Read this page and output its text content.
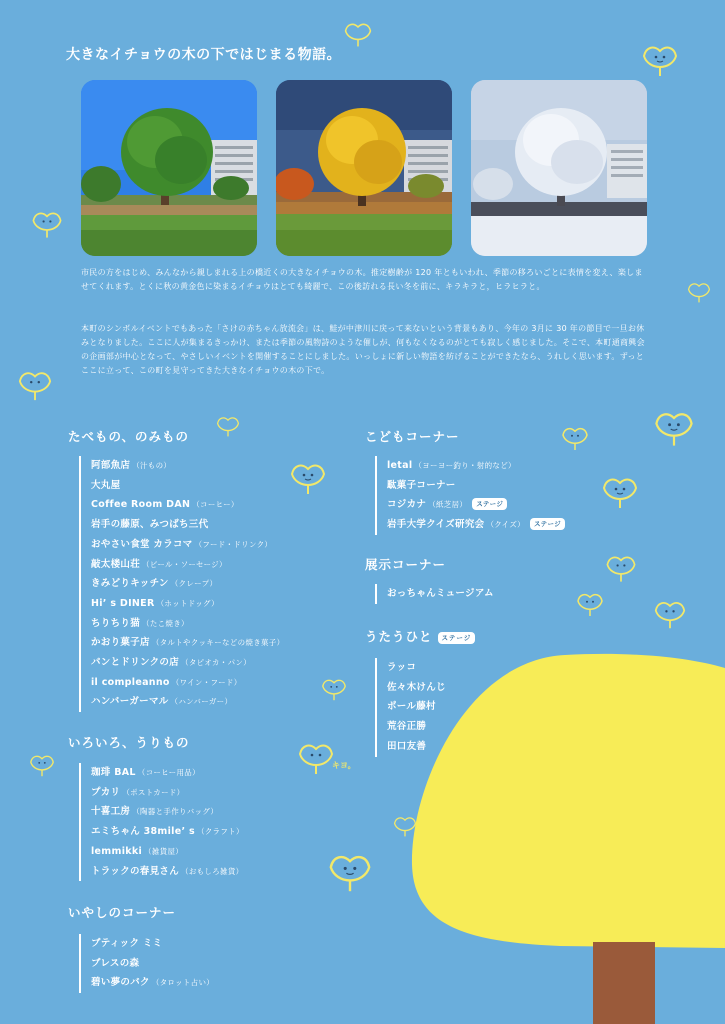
大きなイチョウの木の下ではじまる物語。
市民の方をはじめ、みんなから親しまれる上の橋近くの大きなイチョウの木。推定樹齢が 120 年ともいわれ、季節の移ろいごとに表情を変え、楽しませてくれます。とくに秋の黄金色に染まるイチョウはとても綺麗で、この後訪れる長い冬を前に、キラキラと，ヒラヒラと。
本町のシンボルイベントでもあった「さけの赤ちゃん放流会」は、鮭が中津川に戻って来ないという背景もあり、今年の 3月に 30 年の節目で一旦お休みとなりました。ここに人が集まるきっかけ、または季節の風物詩のような催しが、何もなくなるのがとても寂しく感じました。そこで、本町通商興会の企画部が中心となって、やさしいイベントを開催することにしました。いっしょに新しい物語を紡げることができたなら、うれしく思います。ずっとここに立って、この町を見守ってきた大きなイチョウの木の下で。
たべもの、のみもの
阿部魚店 （汁もの）
大丸屋
Coffee Room DAN （コーヒー）
岩手の藤原、みつばち三代
おやさい食堂 カラコマ （フード・ドリンク）
敲太楼山荘 （ビール・ソーセージ）
きみどりキッチン （クレープ）
Hi’ s DINER （ホットドッグ）
ちりちり猫 （たこ焼き）
かおり菓子店 （タルトやクッキーなどの焼き菓子）
パンとドリンクの店 （タピオカ・パン）
il compleanno （ワイン・フード）
ハンバーガーマル （ハンバーガー）
いろいろ、うりもの
珈琲 BAL （コーヒー用品）
プカリ （ポストカード）
十喜工房 （陶器と手作りバッグ）
エミちゃん 38mile’ s （クラフト）
lemmikki （雑貨屋）
トラックの春見さん （おもしろ雑貨）
いやしのコーナー
ブティック ミミ
ブレスの森
碧い夢のバク （タロット占い）
こどもコーナー
letal （ヨーヨー釣り・射的など）
駄菓子コーナー
コジカナ （紙芝居） ステージ
岩手大学クイズ研究会 （クイズ） ステージ
展示コーナー
おっちゃんミュージアム
うたうひと ステージ
ラッコ
佐々木けんじ
ポール藤村
荒谷正勝
田口友善
キヨ。
